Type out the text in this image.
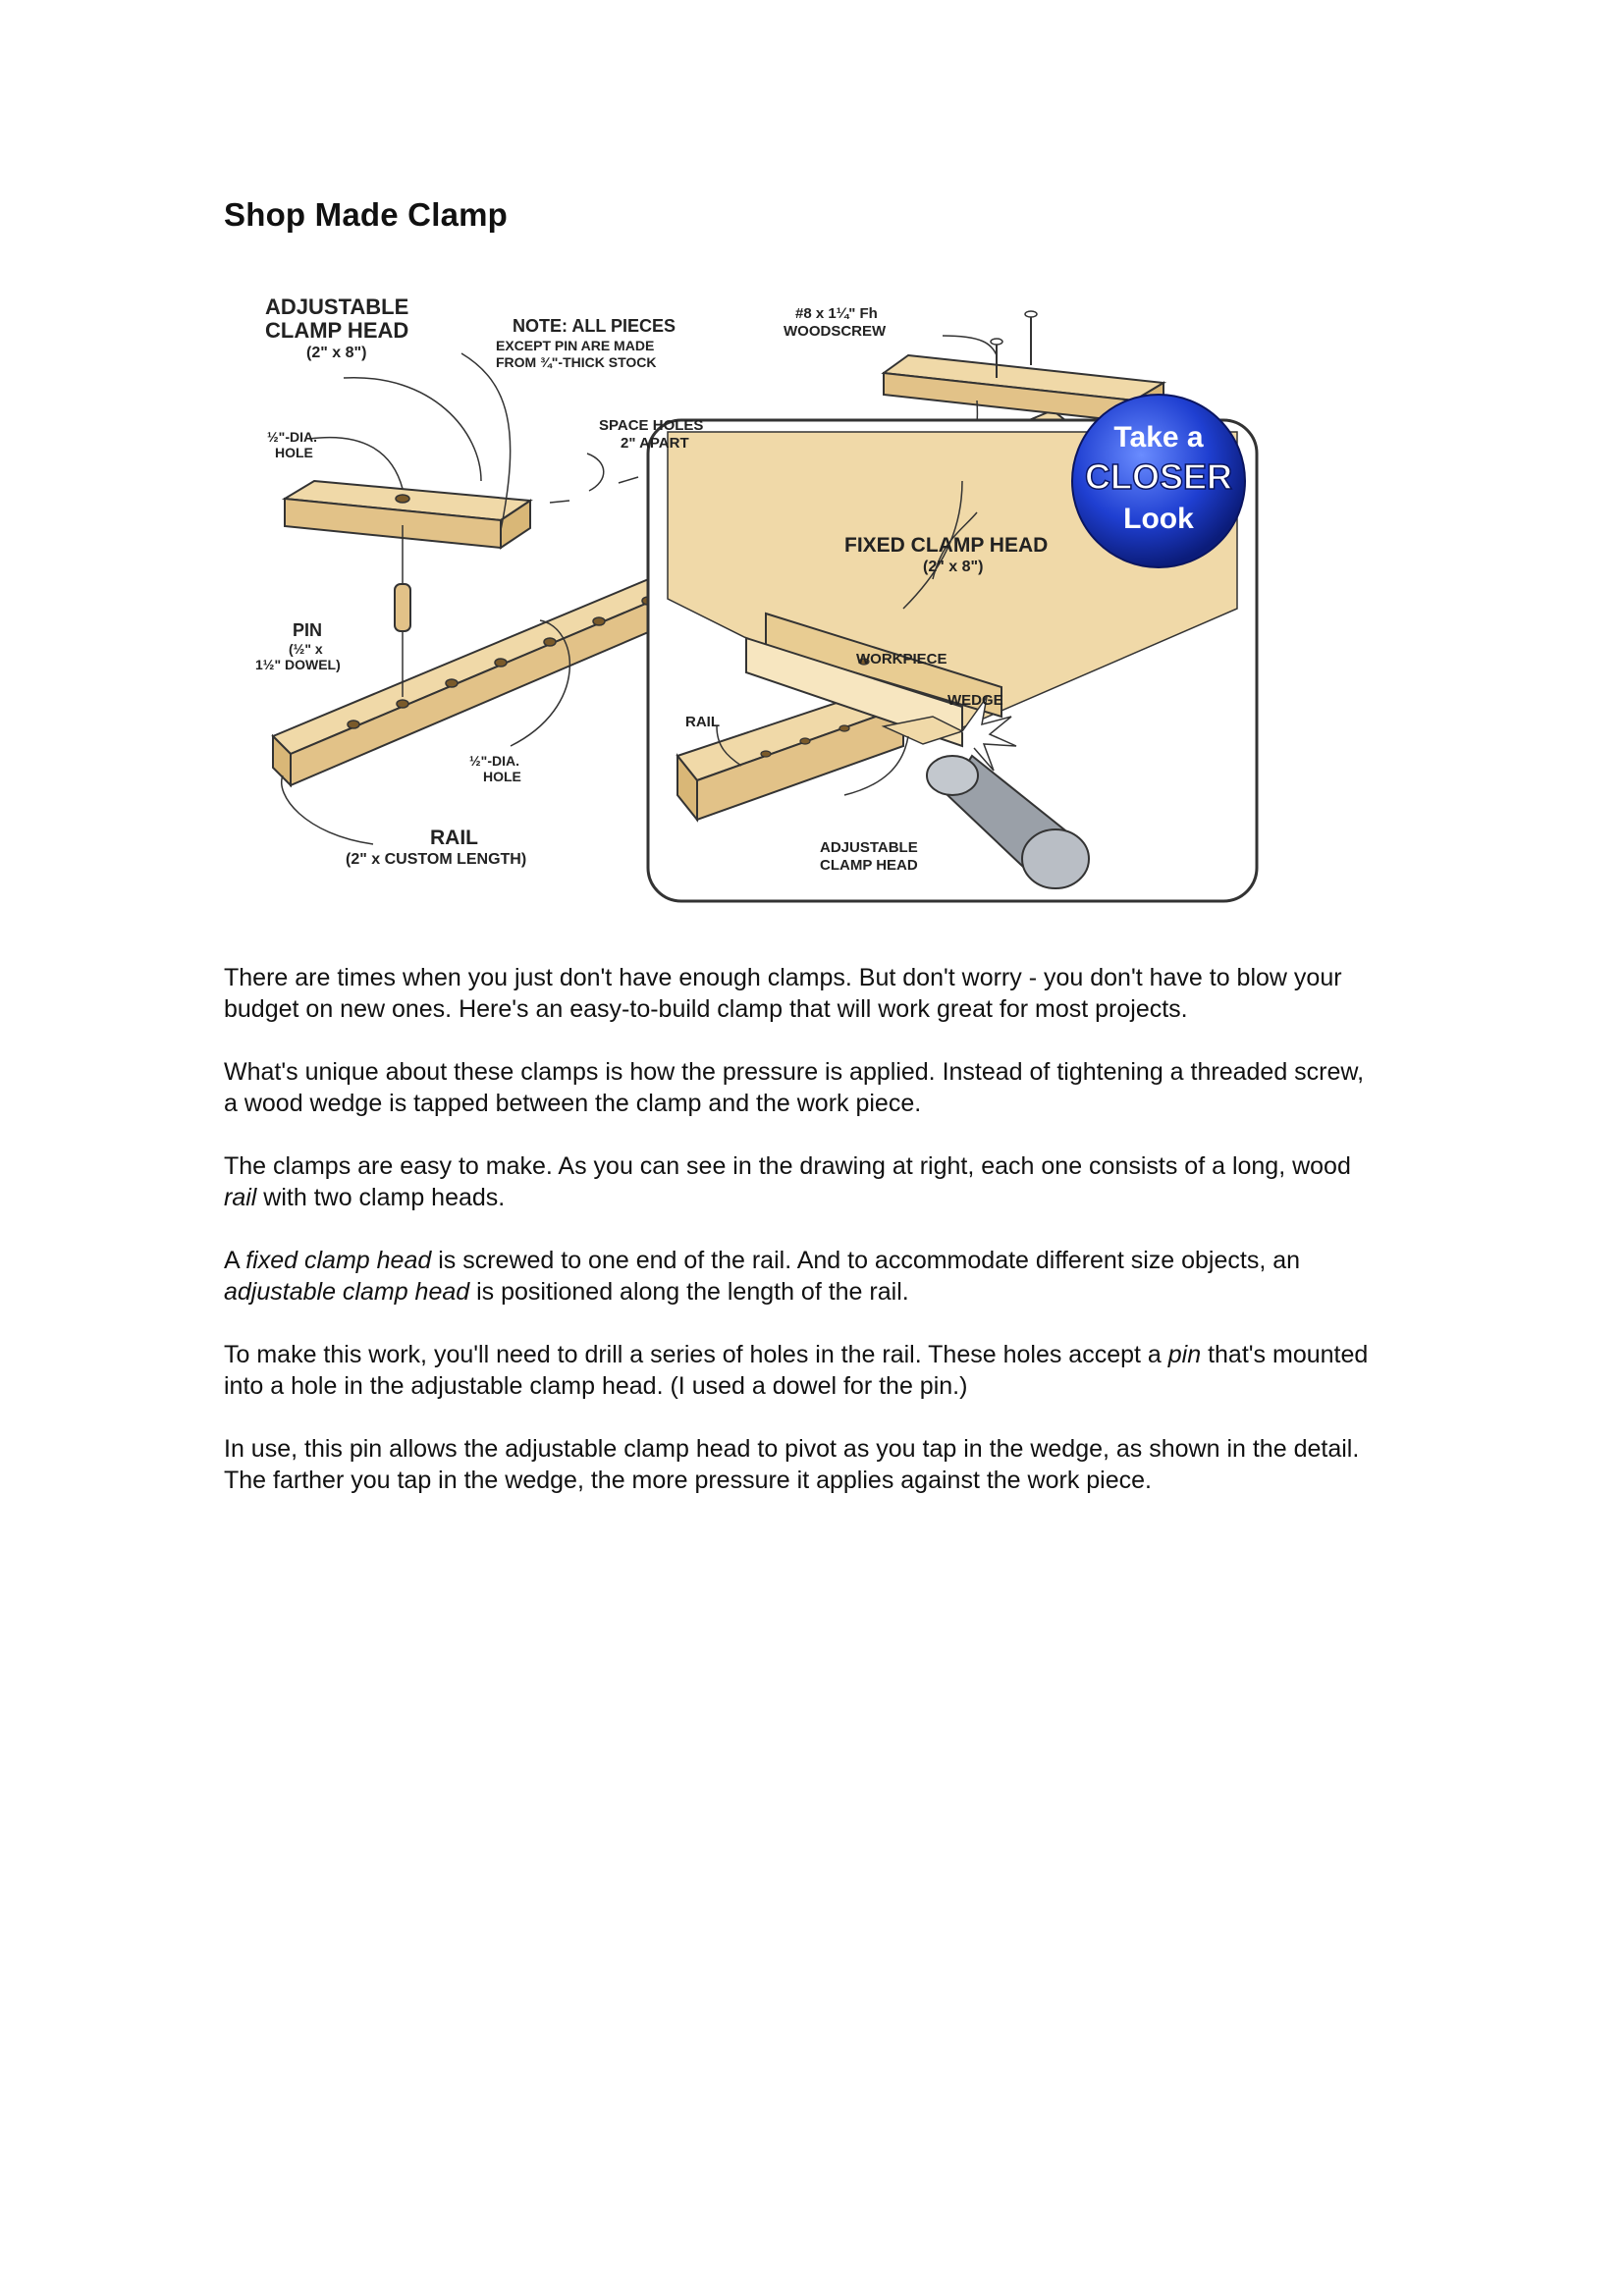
Shop Made Clamp
ADJUSTABLE
CLAMP HEAD
(2" x 8")
NOTE: ALL PIECES
EXCEPT PIN ARE MADE
FROM ¾"-THICK STOCK
#8 x 1¼" Fh
WOODSCREW
½"-DIA.
HOLE
SPACE HOLES
2" APART
FIXED CLAMP HEAD
(2" x 8")
PIN
(½" x
1½" DOWEL)
½"-DIA.
HOLE
RAIL
(2" x CUSTOM LENGTH)
WORKPIECE
WEDGE
RAIL
ADJUSTABLE
CLAMP HEAD
Take a
CLOSER
Look

There are times when you just don't have enough clamps. But don't worry - you don't have to blow your budget on new ones. Here's an easy-to-build clamp that will work great for most projects.

What's unique about these clamps is how the pressure is applied. Instead of tightening a threaded screw, a wood wedge is tapped between the clamp and the work piece.

The clamps are easy to make. As you can see in the drawing at right, each one consists of a long, wood rail with two clamp heads.

A fixed clamp head is screwed to one end of the rail. And to accommodate different size objects, an adjustable clamp head is positioned along the length of the rail.

To make this work, you'll need to drill a series of holes in the rail. These holes accept a pin that's mounted into a hole in the adjustable clamp head. (I used a dowel for the pin.)

In use, this pin allows the adjustable clamp head to pivot as you tap in the wedge, as shown in the detail. The farther you tap in the wedge, the more pressure it applies against the work piece.
